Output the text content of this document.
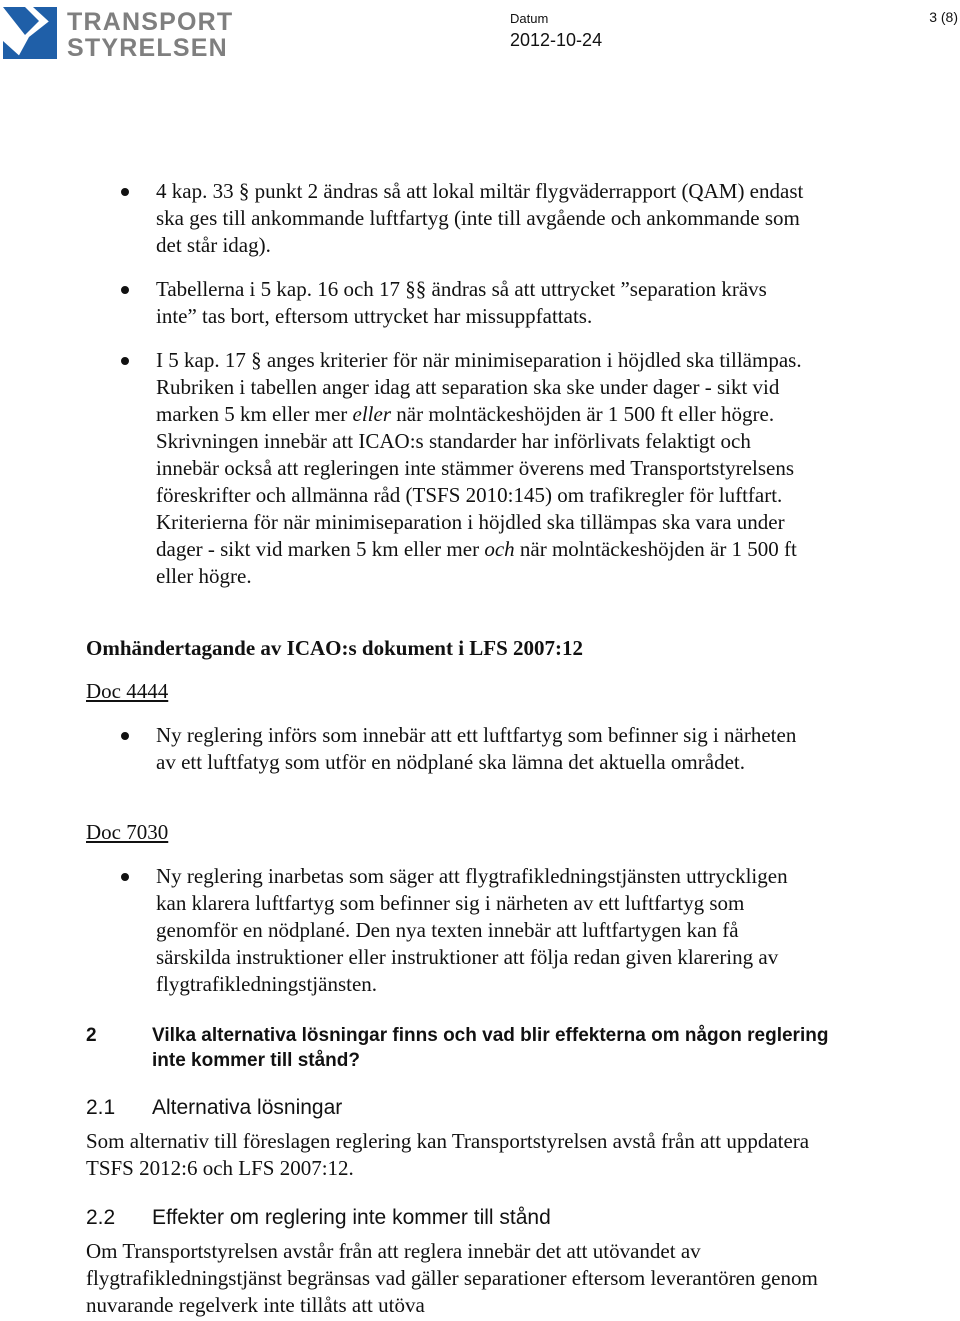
TRANSPORT
STYRELSEN
Datum
2012-10-24
3 (8)
4 kap. 33 § punkt 2 ändras så att lokal miltär flygväderrapport (QAM) endast ska ges till ankommande luftfartyg (inte till avgående och ankommande som det står idag).
Tabellerna i 5 kap. 16 och 17 §§ ändras så att uttrycket ”separation krävs inte” tas bort, eftersom uttrycket har missuppfattats.
I 5 kap. 17 § anges kriterier för när minimiseparation i höjdled ska tillämpas. Rubriken i tabellen anger idag att separation ska ske under dager - sikt vid marken 5 km eller mer eller när molntäckeshöjden är 1 500 ft eller högre. Skrivningen innebär att ICAO:s standarder har införlivats felaktigt och innebär också att regleringen inte stämmer överens med Transportstyrelsens föreskrifter och allmänna råd (TSFS 2010:145) om trafikregler för luftfart. Kriterierna för när minimiseparation i höjdled ska tillämpas ska vara under dager - sikt vid marken 5 km eller mer och när molntäckeshöjden är 1 500 ft eller högre.
Omhändertagande av ICAO:s dokument i LFS 2007:12
Doc 4444
Ny reglering införs som innebär att ett luftfartyg som befinner sig i närheten av ett luftfatyg som utför en nödplané ska lämna det aktuella området.
Doc 7030
Ny reglering inarbetas som säger att flygtrafikledningstjänsten uttryckligen kan klarera luftfartyg som befinner sig i närheten av ett luftfartyg som genomför en nödplané. Den nya texten innebär att luftfartygen kan få särskilda instruktioner eller instruktioner att följa redan given klarering av flygtrafikledningstjänsten.
2	Vilka alternativa lösningar finns och vad blir effekterna om någon reglering inte kommer till stånd?
2.1 Alternativa lösningar

Som alternativ till föreslagen reglering kan Transportstyrelsen avstå från att uppdatera TSFS 2012:6 och LFS 2007:12.

2.2 Effekter om reglering inte kommer till stånd

Om Transportstyrelsen avstår från att reglera innebär det att utövandet av flygtrafikledningstjänst begränsas vad gäller separationer eftersom leverantören genom nuvarande regelverk inte tillåts att utöva
